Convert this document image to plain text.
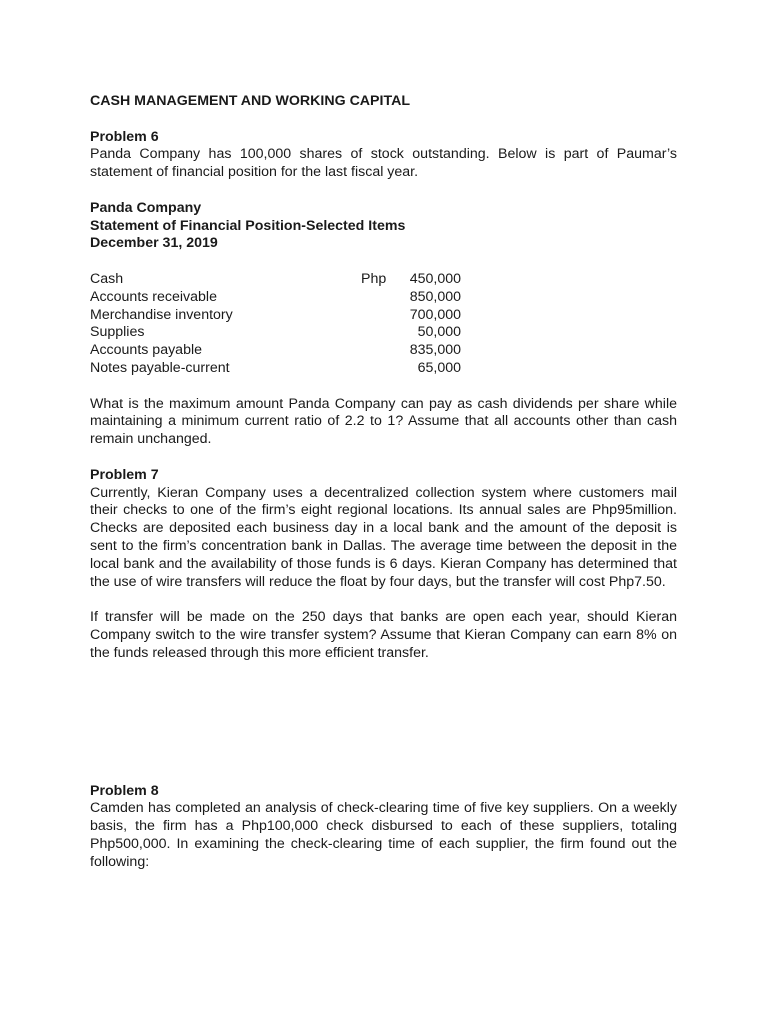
CASH MANAGEMENT AND WORKING CAPITAL
Problem 6

Panda Company has 100,000 shares of stock outstanding. Below is part of Paumar’s statement of financial position for the last fiscal year.

Panda Company
Statement of Financial Position-Selected Items
December 31, 2019
Cash	Php 450,000
Accounts receivable	850,000
Merchandise inventory	700,000
Supplies	50,000
Accounts payable	835,000
Notes payable-current	65,000

What is the maximum amount Panda Company can pay as cash dividends per share while maintaining a minimum current ratio of 2.2 to 1? Assume that all accounts other than cash remain unchanged.

Problem 7

Currently, Kieran Company uses a decentralized collection system where customers mail their checks to one of the firm’s eight regional locations. Its annual sales are Php95million. Checks are deposited each business day in a local bank and the amount of the deposit is sent to the firm’s concentration bank in Dallas. The average time between the deposit in the local bank and the availability of those funds is 6 days. Kieran Company has determined that the use of wire transfers will reduce the float by four days, but the transfer will cost Php7.50.

If transfer will be made on the 250 days that banks are open each year, should Kieran Company switch to the wire transfer system? Assume that Kieran Company can earn 8% on the funds released through this more efficient transfer.

Problem 8

Camden has completed an analysis of check-clearing time of five key suppliers. On a weekly basis, the firm has a Php100,000 check disbursed to each of these suppliers, totaling Php500,000. In examining the check-clearing time of each supplier, the firm found out the following:
